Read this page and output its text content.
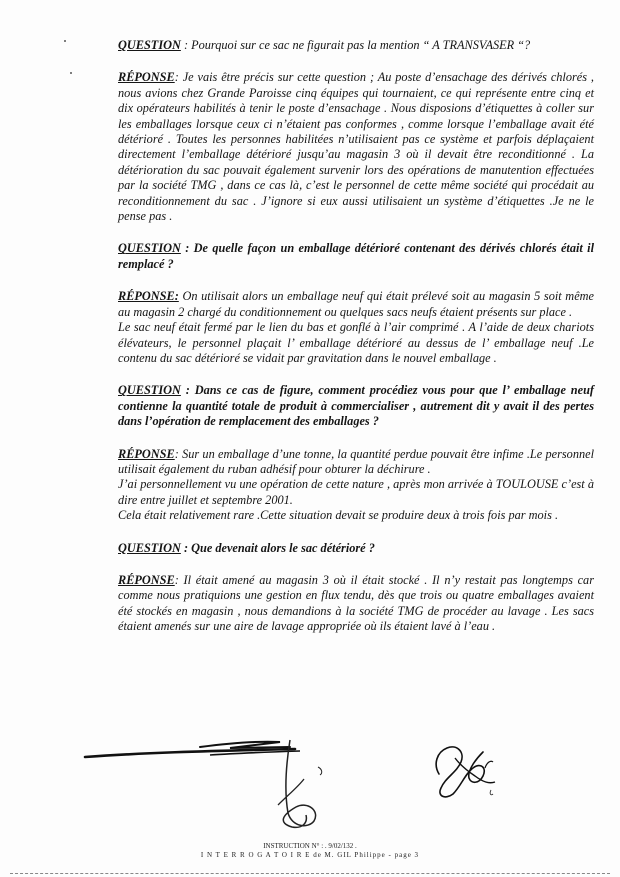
QUESTION : Pourquoi sur ce sac ne figurait pas la mention “ A TRANSVASER “?

RÉPONSE: Je vais être précis sur cette question ; Au poste d’ensachage des dérivés chlorés , nous avions chez Grande Paroisse cinq équipes qui tournaient, ce qui représente entre cinq et dix opérateurs habilités à tenir le poste d’ensachage . Nous disposions d’étiquettes à coller sur les emballages lorsque ceux ci n’étaient pas conformes , comme lorsque l’emballage avait été détérioré . Toutes les personnes habilitées n’utilisaient pas ce système et parfois déplaçaient directement l’emballage détérioré jusqu’au magasin 3 où il devait être reconditionné . La détérioration du sac pouvait également survenir lors des opérations de manutention effectuées par la société TMG , dans ce cas là, c’est le personnel de cette même société qui procédait au reconditionnement du sac . J’ignore si eux aussi utilisaient un système d’étiquettes .Je ne le pense pas .

QUESTION : De quelle façon un emballage détérioré contenant des dérivés chlorés était il remplacé ?

RÉPONSE: On utilisait alors un emballage neuf qui était prélevé soit au magasin 5 soit même au magasin 2 chargé du conditionnement ou quelques sacs neufs étaient présents sur place .
Le sac neuf était fermé par le lien du bas et gonflé à l’air comprimé . A l’aide de deux chariots élévateurs, le personnel plaçait l’ emballage détérioré au dessus de l’ emballage neuf .Le contenu du sac détérioré se vidait par gravitation dans le nouvel emballage .

QUESTION : Dans ce cas de figure, comment procédiez vous pour que l’ emballage neuf contienne la quantité totale de produit à commercialiser , autrement dit y avait il des pertes dans l’opération de remplacement des emballages ?

RÉPONSE: Sur un emballage d’une tonne, la quantité perdue pouvait être infime .Le personnel utilisait également du ruban adhésif pour obturer la déchirure .
J’ai personnellement vu une opération de cette nature , après mon arrivée à TOULOUSE c’est à dire entre juillet et septembre 2001.
Cela était relativement rare .Cette situation devait se produire deux à trois fois par mois .

QUESTION : Que devenait alors le sac détérioré ?

RÉPONSE: Il était amené au magasin 3 où il était stocké . Il n’y restait pas longtemps car comme nous pratiquions une gestion en flux tendu, dès que trois ou quatre emballages avaient été stockés en magasin , nous demandions à la société TMG de procéder au lavage . Les sacs étaient amenés sur une aire de lavage appropriée où ils étaient lavé à l’eau .

INSTRUCTION N° : . 9/02/132 .
I N T E R R O G A T O I R E de M. GIL Philippe - page 3
